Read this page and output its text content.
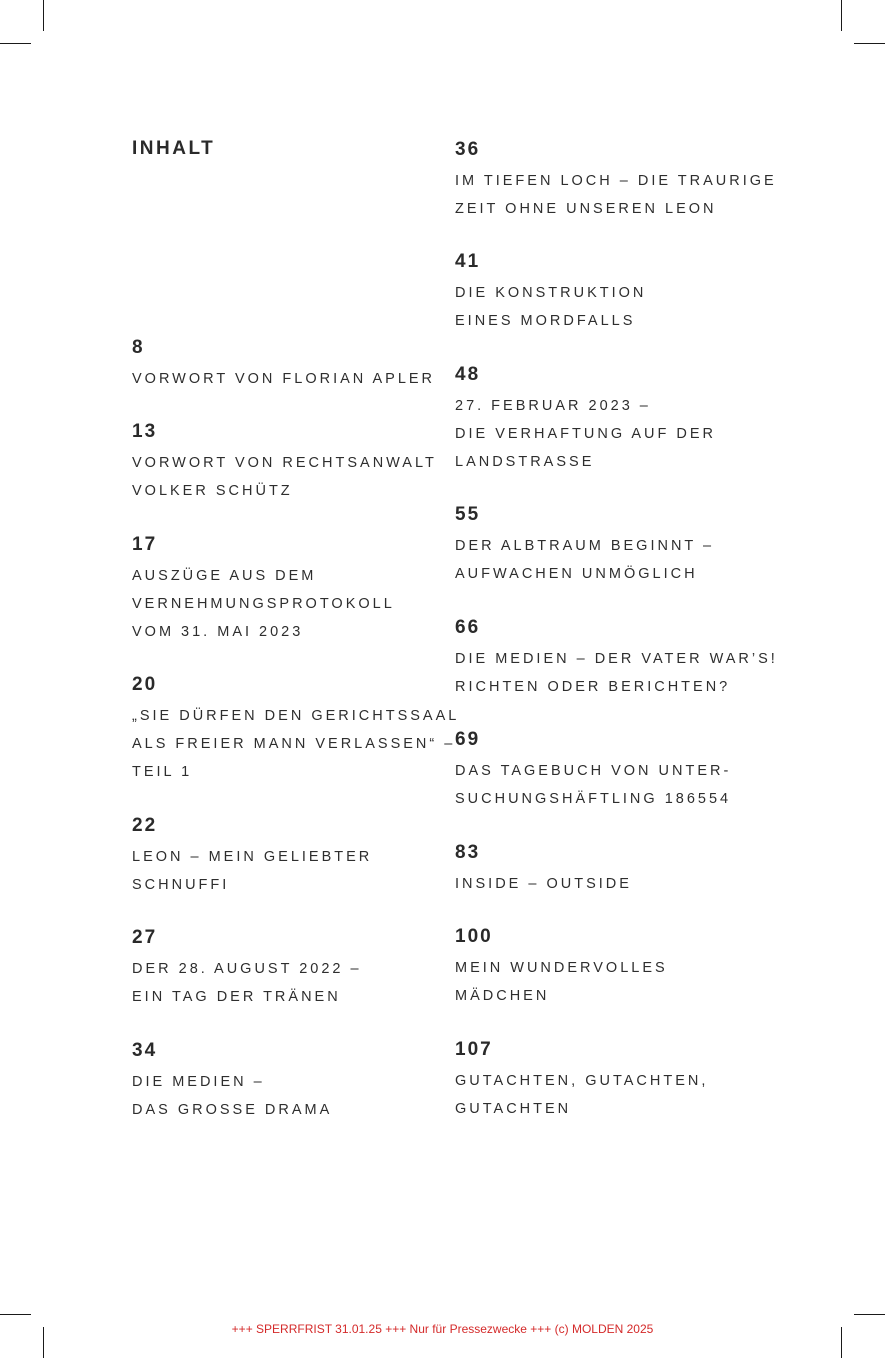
INHALT
8
VORWORT VON FLORIAN APLER
13
VORWORT VON RECHTSANWALT
VOLKER SCHÜTZ
17
AUSZÜGE AUS DEM
VERNEHMUNGSPROTOKOLL
VOM 31. MAI 2023
20
„SIE DÜRFEN DEN GERICHTSSAAL
ALS FREIER MANN VERLASSEN“ –
TEIL 1
22
LEON – MEIN GELIEBTER
SCHNUFFI
27
DER 28. AUGUST 2022 –
EIN TAG DER TRÄNEN
34
DIE MEDIEN –
DAS GROSSE DRAMA
36
IM TIEFEN LOCH – DIE TRAURIGE
ZEIT OHNE UNSEREN LEON
41
DIE KONSTRUKTION
EINES MORDFALLS
48
27. FEBRUAR 2023 –
DIE VERHAFTUNG AUF DER
LANDSTRASSE
55
DER ALBTRAUM BEGINNT –
AUFWACHEN UNMÖGLICH
66
DIE MEDIEN – DER VATER WAR’S!
RICHTEN ODER BERICHTEN?
69
DAS TAGEBUCH VON UNTER-
SUCHUNGSHÄFTLING 186554
83
INSIDE – OUTSIDE
100
MEIN WUNDERVOLLES
MÄDCHEN
107
GUTACHTEN, GUTACHTEN,
GUTACHTEN
+++ SPERRFRIST 31.01.25 +++ Nur für Pressezwecke +++ (c) MOLDEN 2025
